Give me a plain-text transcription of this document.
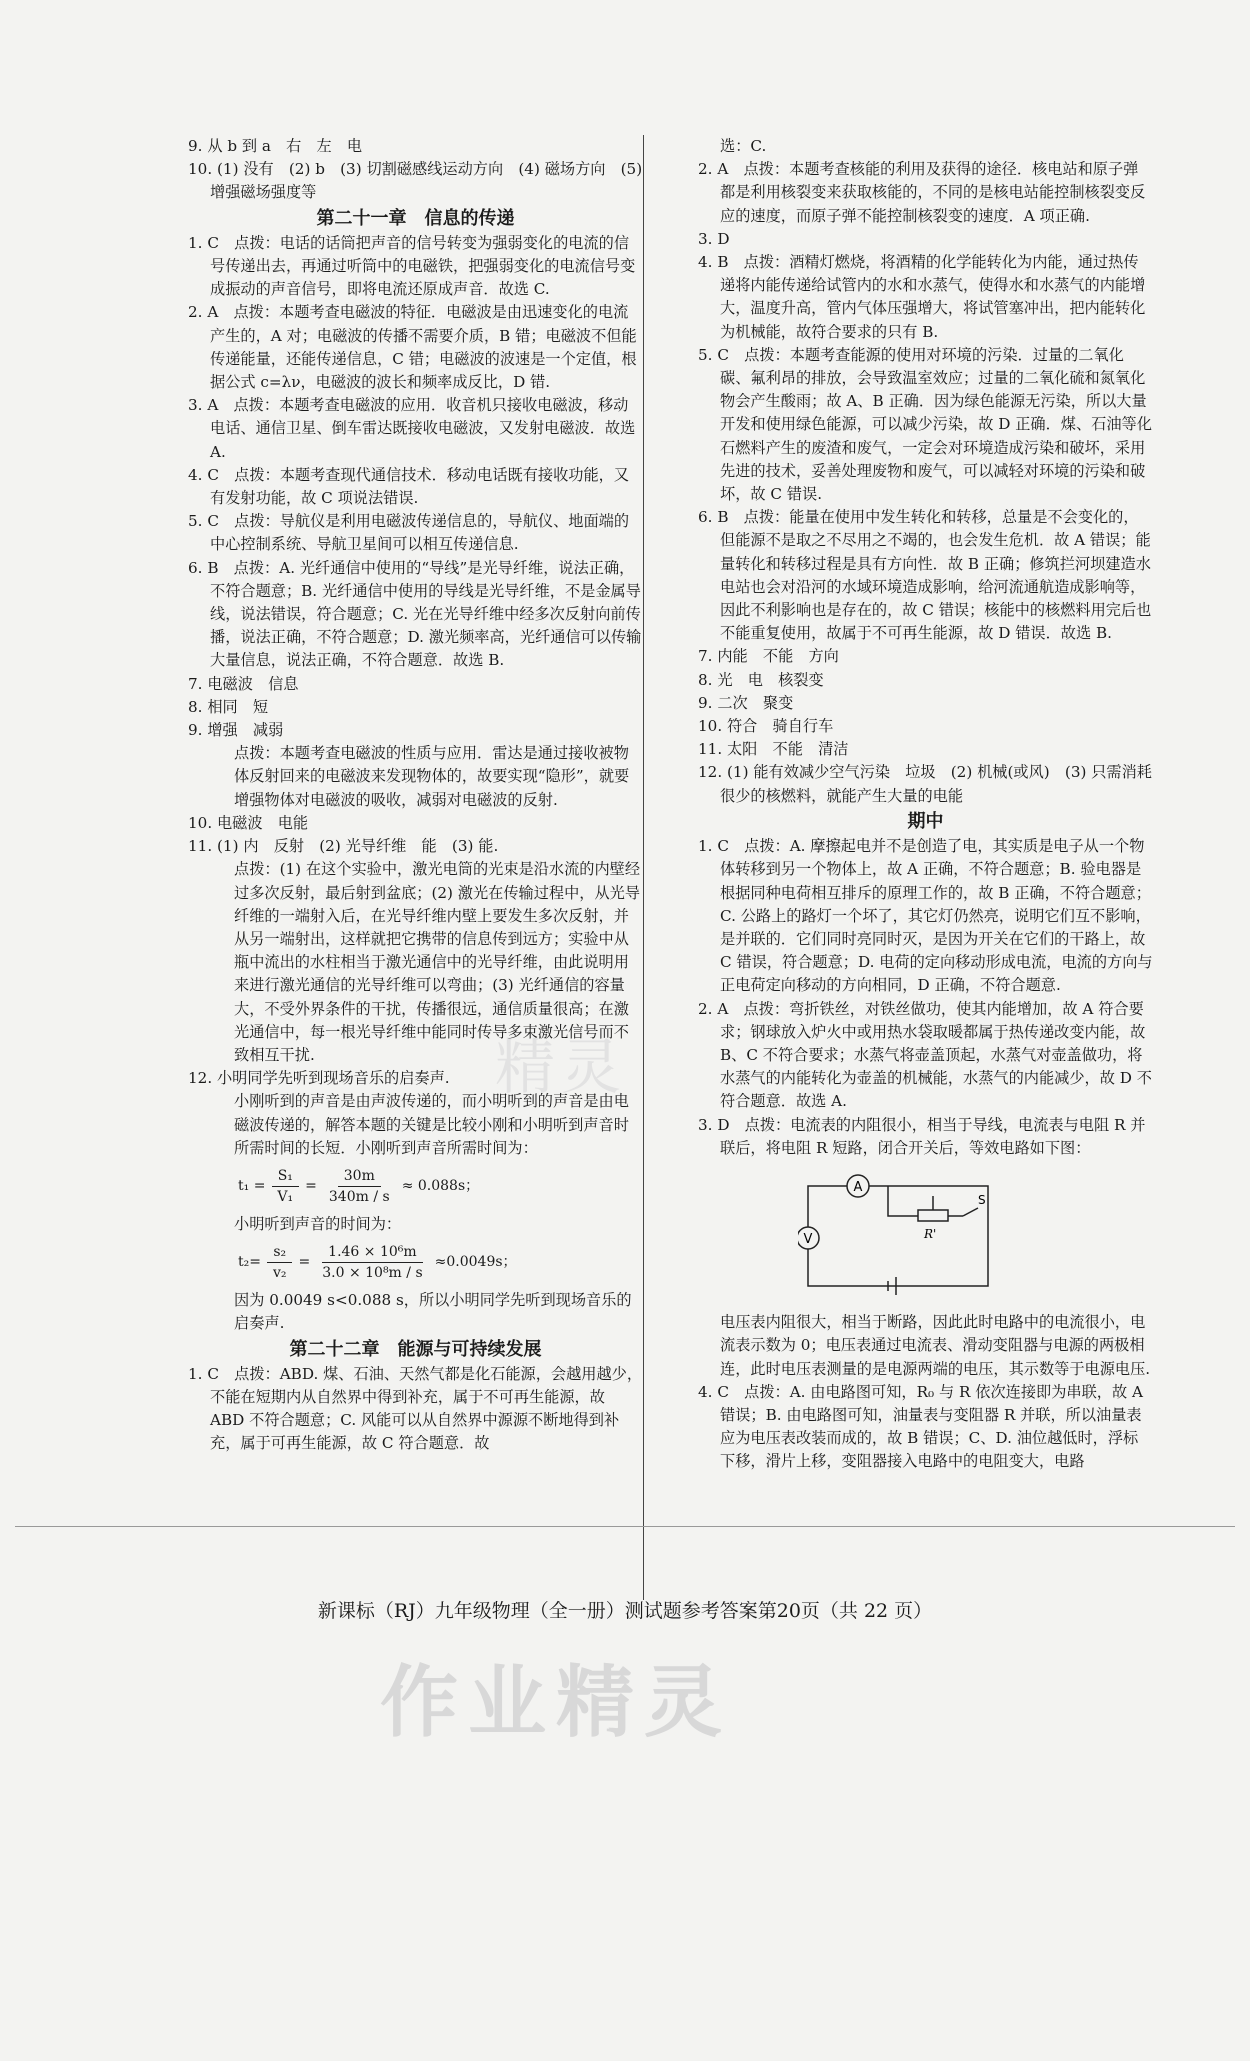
精灵
9. 从 b 到 a　右　左　电
10. (1) 没有　(2) b　(3) 切割磁感线运动方向　(4) 磁场方向　(5) 增强磁场强度等
第二十一章　信息的传递
1. C　点拨：电话的话筒把声音的信号转变为强弱变化的电流的信号传递出去，再通过听筒中的电磁铁，把强弱变化的电流信号变成振动的声音信号，即将电流还原成声音．故选 C.
2. A　点拨：本题考查电磁波的特征．电磁波是由迅速变化的电流产生的，A 对；电磁波的传播不需要介质，B 错；电磁波不但能传递能量，还能传递信息，C 错；电磁波的波速是一个定值，根据公式 c=λν，电磁波的波长和频率成反比，D 错.
3. A　点拨：本题考查电磁波的应用．收音机只接收电磁波，移动电话、通信卫星、倒车雷达既接收电磁波，又发射电磁波．故选 A.
4. C　点拨：本题考查现代通信技术．移动电话既有接收功能，又有发射功能，故 C 项说法错误.
5. C　点拨：导航仪是利用电磁波传递信息的，导航仪、地面端的中心控制系统、导航卫星间可以相互传递信息.
6. B　点拨：A. 光纤通信中使用的“导线”是光导纤维，说法正确，不符合题意；B. 光纤通信中使用的导线是光导纤维，不是金属导线，说法错误，符合题意；C. 光在光导纤维中经多次反射向前传播，说法正确，不符合题意；D. 激光频率高，光纤通信可以传输大量信息，说法正确，不符合题意．故选 B.
7. 电磁波　信息
8. 相同　短
9. 增强　减弱
点拨：本题考查电磁波的性质与应用．雷达是通过接收被物体反射回来的电磁波来发现物体的，故要实现“隐形”，就要增强物体对电磁波的吸收，减弱对电磁波的反射.
10. 电磁波　电能
11. (1) 内　反射　(2) 光导纤维　能　(3) 能.
点拨：(1) 在这个实验中，激光电筒的光束是沿水流的内壁经过多次反射，最后射到盆底；(2) 激光在传输过程中，从光导纤维的一端射入后，在光导纤维内壁上要发生多次反射，并从另一端射出，这样就把它携带的信息传到远方；实验中从瓶中流出的水柱相当于激光通信中的光导纤维，由此说明用来进行激光通信的光导纤维可以弯曲；(3) 光纤通信的容量大，不受外界条件的干扰，传播很远，通信质量很高；在激光通信中，每一根光导纤维中能同时传导多束激光信号而不致相互干扰.
12. 小明同学先听到现场音乐的启奏声.
小刚听到的声音是由声波传递的，而小明听到的声音是由电磁波传递的，解答本题的关键是比较小刚和小明听到声音时所需时间的长短．小刚听到声音所需时间为：
$t_1 = \frac{\text{S₁}}{\text{V₁}} = \frac{30m}{340m / s} \approx 0.088s$；
小明听到声音的时间为：
$t_2= \frac{\text{s₂}}{\text{v₂}} = \frac{\text{1.46 × 10⁶m}}{\text{3.0 × 10⁸m / s}} \approx 0.0049s$；
因为 0.0049 s<0.088 s，所以小明同学先听到现场音乐的启奏声.
第二十二章　能源与可持续发展
1. C　点拨：ABD. 煤、石油、天然气都是化石能源，会越用越少，不能在短期内从自然界中得到补充，属于不可再生能源，故 ABD 不符合题意；C. 风能可以从自然界中源源不断地得到补充，属于可再生能源，故 C 符合题意．故
选：C.
2. A　点拨：本题考查核能的利用及获得的途径．核电站和原子弹都是利用核裂变来获取核能的，不同的是核电站能控制核裂变反应的速度，而原子弹不能控制核裂变的速度．A 项正确.
3. D
4. B　点拨：酒精灯燃烧，将酒精的化学能转化为内能，通过热传递将内能传递给试管内的水和水蒸气，使得水和水蒸气的内能增大，温度升高，管内气体压强增大，将试管塞冲出，把内能转化为机械能，故符合要求的只有 B.
5. C　点拨：本题考查能源的使用对环境的污染．过量的二氧化碳、氟利昂的排放，会导致温室效应；过量的二氧化硫和氮氧化物会产生酸雨；故 A、B 正确．因为绿色能源无污染，所以大量开发和使用绿色能源，可以减少污染，故 D 正确．煤、石油等化石燃料产生的废渣和废气，一定会对环境造成污染和破坏，采用先进的技术，妥善处理废物和废气，可以减轻对环境的污染和破坏，故 C 错误.
6. B　点拨：能量在使用中发生转化和转移，总量是不会变化的，但能源不是取之不尽用之不竭的，也会发生危机．故 A 错误；能量转化和转移过程是具有方向性．故 B 正确；修筑拦河坝建造水电站也会对沿河的水域环境造成影响，给河流通航造成影响等，因此不利影响也是存在的，故 C 错误；核能中的核燃料用完后也不能重复使用，故属于不可再生能源，故 D 错误．故选 B.
7. 内能　不能　方向
8. 光　电　核裂变
9. 二次　聚变
10. 符合　骑自行车
11. 太阳　不能　清洁
12. (1) 能有效减少空气污染　垃圾　(2) 机械(或风)　(3) 只需消耗很少的核燃料，就能产生大量的电能
期中
1. C　点拨：A. 摩擦起电并不是创造了电，其实质是电子从一个物体转移到另一个物体上，故 A 正确，不符合题意；B. 验电器是根据同种电荷相互排斥的原理工作的，故 B 正确，不符合题意；C. 公路上的路灯一个坏了，其它灯仍然亮，说明它们互不影响，是并联的．它们同时亮同时灭，是因为开关在它们的干路上，故 C 错误，符合题意；D. 电荷的定向移动形成电流，电流的方向与正电荷定向移动的方向相同，D 正确，不符合题意.
2. A　点拨：弯折铁丝，对铁丝做功，使其内能增加，故 A 符合要求；钢球放入炉火中或用热水袋取暖都属于热传递改变内能，故 B、C 不符合要求；水蒸气将壶盖顶起，水蒸气对壶盖做功，将水蒸气的内能转化为壶盖的机械能，水蒸气的内能减少，故 D 不符合题意．故选 A.
3. D　点拨：电流表的内阻很小，相当于导线，电流表与电阻 R 并联后，将电阻 R 短路，闭合开关后，等效电路如下图：
A
V	R'
S
电压表内阻很大，相当于断路，因此此时电路中的电流很小，电流表示数为 0；电压表通过电流表、滑动变阻器与电源的两极相连，此时电压表测量的是电源两端的电压，其示数等于电源电压.
4. C　点拨：A. 由电路图可知，R₀ 与 R 依次连接即为串联，故 A 错误；B. 由电路图可知，油量表与变阻器 R 并联，所以油量表应为电压表改装而成的，故 B 错误；C、D. 油位越低时，浮标下移，滑片上移，变阻器接入电路中的电阻变大，电路
新课标（RJ）九年级物理（全一册）测试题参考答案第20页（共 22 页）
作业精灵
